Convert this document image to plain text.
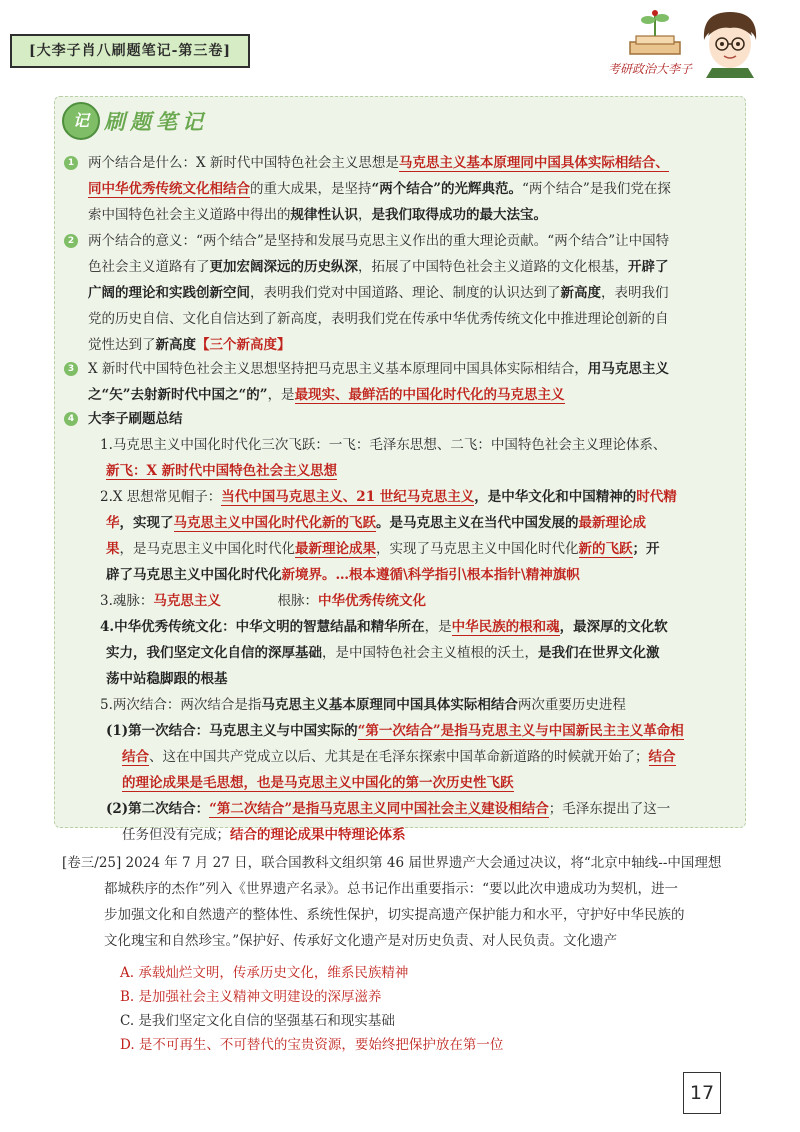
[大李子肖八刷题笔记-第三卷]
考研政治大李子
记 刷题笔记
1 两个结合是什么：X 新时代中国特色社会主义思想是马克思主义基本原理同中国具体实际相结合、
同中华优秀传统文化相结合的重大成果，是坚持“两个结合”的光辉典范。“两个结合”是我们党在探
索中国特色社会主义道路中得出的规律性认识，是我们取得成功的最大法宝。
2 两个结合的意义：“两个结合”是坚持和发展马克思主义作出的重大理论贡献。“两个结合”让中国特
色社会主义道路有了更加宏阔深远的历史纵深，拓展了中国特色社会主义道路的文化根基，开辟了
广阔的理论和实践创新空间，表明我们党对中国道路、理论、制度的认识达到了新高度，表明我们
党的历史自信、文化自信达到了新高度，表明我们党在传承中华优秀传统文化中推进理论创新的自
觉性达到了新高度【三个新高度】
3 X 新时代中国特色社会主义思想坚持把马克思主义基本原理同中国具体实际相结合，用马克思主义
之“矢”去射新时代中国之“的”，是最现实、最鲜活的中国化时代化的马克思主义
4 大李子刷题总结
1.马克思主义中国化时代化三次飞跃：一飞：毛泽东思想、二飞：中国特色社会主义理论体系、
新飞：X 新时代中国特色社会主义思想
2.X 思想常见帽子：当代中国马克思主义、21 世纪马克思主义，是中华文化和中国精神的时代精
华，实现了马克思主义中国化时代化新的飞跃。是马克思主义在当代中国发展的最新理论成
果，是马克思主义中国化时代化最新理论成果，实现了马克思主义中国化时代化新的飞跃；开
辟了马克思主义中国化时代化新境界。…根本遵循\科学指引\根本指针\精神旗帜
3.魂脉：马克思主义	根脉：中华优秀传统文化
4.中华优秀传统文化：中华文明的智慧结晶和精华所在，是中华民族的根和魂，最深厚的文化软
实力，我们坚定文化自信的深厚基础，是中国特色社会主义植根的沃土，是我们在世界文化激
荡中站稳脚跟的根基
5.两次结合：两次结合是指马克思主义基本原理同中国具体实际相结合两次重要历史进程
(1)第一次结合：马克思主义与中国实际的“第一次结合”是指马克思主义与中国新民主主义革命相
结合、这在中国共产党成立以后、尤其是在毛泽东探索中国革命新道路的时候就开始了；结合
的理论成果是毛思想，也是马克思主义中国化的第一次历史性飞跃
(2)第二次结合：“第二次结合”是指马克思主义同中国社会主义建设相结合；毛泽东提出了这一
[卷三/25] 2024 年 7 月 27 日，联合国教科文组织第 46 届世界遗产大会通过决议，将“北京中轴线--中国理想
都城秩序的杰作”列入《世界遗产名录》。总书记作出重要指示：“要以此次申遗成功为契机，进一
步加强文化和自然遗产的整体性、系统性保护，切实提高遗产保护能力和水平，守护好中华民族的
文化瑰宝和自然珍宝。”保护好、传承好文化遗产是对历史负责、对人民负责。文化遗产
A. 承载灿烂文明，传承历史文化，维系民族精神
B. 是加强社会主义精神文明建设的深厚滋养
C. 是我们坚定文化自信的坚强基石和现实基础
D. 是不可再生、不可替代的宝贵资源，要始终把保护放在第一位
17
任务但没有完成；结合的理论成果中特理论体系
